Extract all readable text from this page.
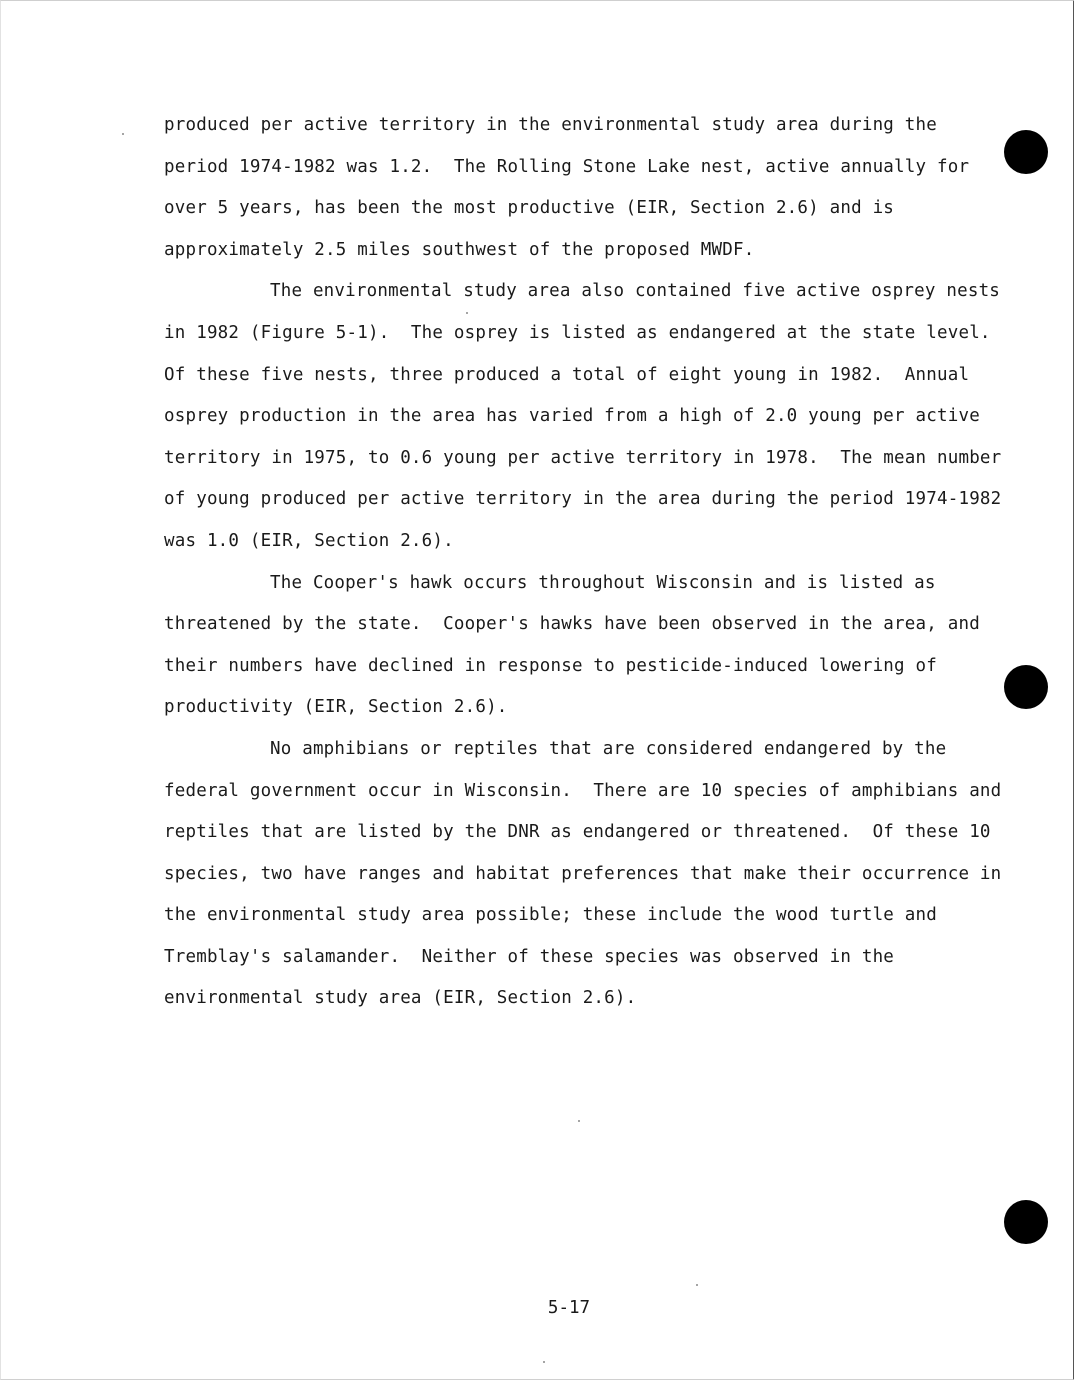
produced per active territory in the environmental study area during the
period 1974-1982 was 1.2.  The Rolling Stone Lake nest, active annually for
over 5 years, has been the most productive (EIR, Section 2.6) and is
approximately 2.5 miles southwest of the proposed MWDF.
The environmental study area also contained five active osprey nests
in 1982 (Figure 5-1).  The osprey is listed as endangered at the state level.
Of these five nests, three produced a total of eight young in 1982.  Annual
osprey production in the area has varied from a high of 2.0 young per active
territory in 1975, to 0.6 young per active territory in 1978.  The mean number
of young produced per active territory in the area during the period 1974-1982
was 1.0 (EIR, Section 2.6).
The Cooper's hawk occurs throughout Wisconsin and is listed as
threatened by the state.  Cooper's hawks have been observed in the area, and
their numbers have declined in response to pesticide-induced lowering of
productivity (EIR, Section 2.6).
No amphibians or reptiles that are considered endangered by the
federal government occur in Wisconsin.  There are 10 species of amphibians and
reptiles that are listed by the DNR as endangered or threatened.  Of these 10
species, two have ranges and habitat preferences that make their occurrence in
the environmental study area possible; these include the wood turtle and
Tremblay's salamander.  Neither of these species was observed in the
environmental study area (EIR, Section 2.6).
5-17
